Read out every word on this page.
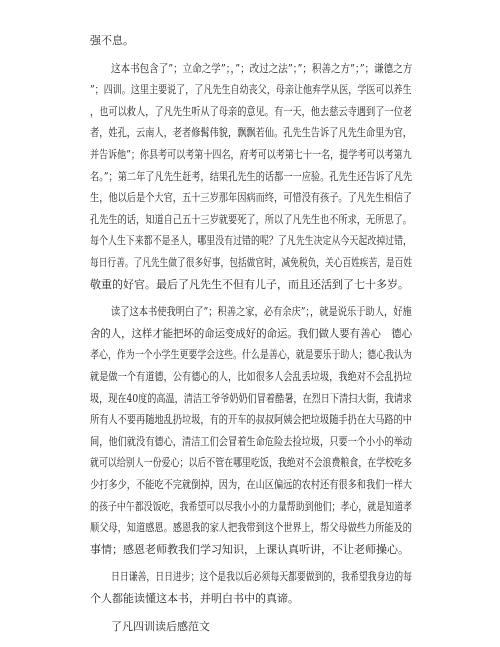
强不息。
这本书包含了”；立命之学”；，”；改过之法”；”；积善之方”；”；谦德之方
”；四训。这里主要说了，了凡先生自幼丧父，母亲让他弃学从医，学医可以养生
，也可以救人，了凡先生听从了母亲的意见。有一天，他去慈云寺遇到了一位老
者，姓孔，云南人，老者修髯伟貌，飘飘若仙。孔先生告诉了凡先生命里为官，
并告诉他”；你县考可以考第十四名，府考可以考第七十一名，提学考可以考第九
名。”；第二年了凡先生赶考，结果孔先生的话都一一应验。孔先生还告诉了凡先
生，他以后是个大官，五十三岁那年因病而终，可惜没有孩子。了凡先生相信了
孔先生的话，知道自己五十三岁就要死了，所以了凡先生也不所求，无所思了。
每个人生下来都不是圣人，哪里没有过错的呢？了凡先生决定从今天起改掉过错，
每日行善。了凡先生做了很多好事，包括做官时，减免税负，关心百姓疾苦，是百姓
敬重的好官。最后了凡先生不但有儿子，而且还活到了七十多岁。
读了这本书使我明白了”；积善之家，必有余庆”；，就是说乐于助人，好施
舍的人，这样才能把坏的命运变成好的命运。我们做人要有善心　德心
孝心，作为一个小学生更要学会这些。什么是善心，就是要乐于助人；德心我认为
就是做一个有道德，公有德心的人，比如很多人会乱丢垃圾，我绝对不会乱扔垃
圾，现在40度的高温，清洁工爷爷奶奶们冒着酷暑，在烈日下清扫大街，我请求
所有人不要再随地乱扔垃圾，有的开车的叔叔阿姨会把垃圾随手扔在大马路的中
间，他们就没有德心，清洁工们会冒着生命危险去捡垃圾，只要一个小小的举动
就可以给别人一份爱心；以后不管在哪里吃饭，我绝对不会浪费粮食，在学校吃多
少打多少，不能吃不完就倒掉，因为，在山区偏远的农村还有很多和我们一样大
的孩子中午都没饭吃，我希望可以尽我小小的力量帮助到他们；孝心，就是知道孝
顺父母，知道感恩。感恩我的家人把我带到这个世界上，帮父母做些力所能及的
事情；感恩老师教我们学习知识，上课认真听讲，不让老师操心。
日日谦善，日日进步；这个是我以后必须每天都要做到的，我希望我身边的每
个人都能读懂这本书，并明白书中的真谛。
了凡四训读后感范文
